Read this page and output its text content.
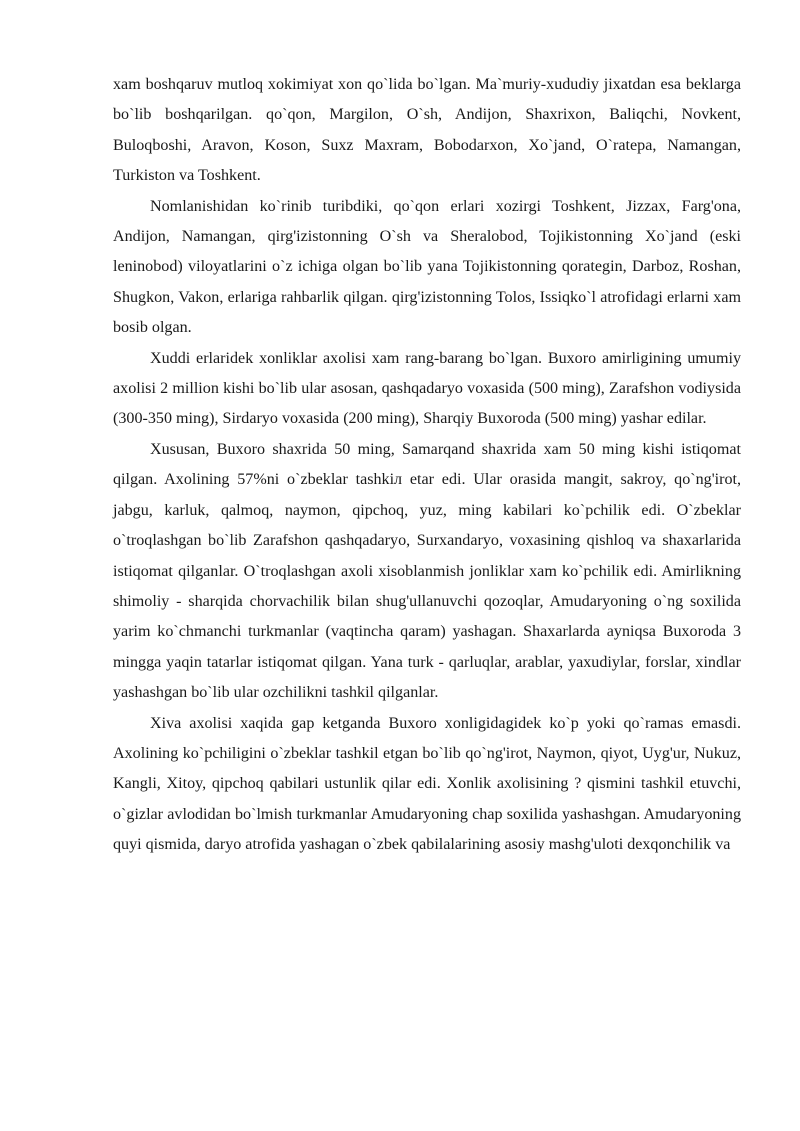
xam boshqaruv mutloq xokimiyat xon qo`lida bo`lgan. Ma`muriy-xududiy jixatdan esa beklarga bo`lib boshqarilgan. qo`qon, Margilon, O`sh, Andijon, Shaxrixon, Baliqchi, Novkent, Buloqboshi, Aravon, Koson, Suxz Maxram, Bobodarxon, Xo`jand, O`ratepa, Namangan, Turkiston va Toshkent.

Nomlanishidan ko`rinib turibdiki, qo`qon erlari xozirgi Toshkent, Jizzax, Farg'ona, Andijon, Namangan, qirg'izistonning O`sh va Sheralobod, Tojikistonning Xo`jand (eski leninobod) viloyatlarini o`z ichiga olgan bo`lib yana Tojikistonning qorategin, Darboz, Roshan, Shugkon, Vakon, erlariga rahbarlik qilgan. qirg'izistonning Tolos, Issiqko`l atrofidagi erlarni xam bosib olgan.

Xuddi erlaridek xonliklar axolisi xam rang-barang bo`lgan. Buxoro amirligining umumiy axolisi 2 million kishi bo`lib ular asosan, qashqadaryo voxasida (500 ming), Zarafshon vodiysida (300-350 ming), Sirdaryo voxasida (200 ming), Sharqiy Buxoroda (500 ming) yashar edilar.

Xususan, Buxoro shaxrida 50 ming, Samarqand shaxrida xam 50 ming kishi istiqomat qilgan. Axolining 57%ni o`zbeklar tashkiл etar edi. Ular orasida mangit, sakroy, qo`ng'irot, jabgu, karluk, qalmoq, naymon, qipchoq, yuz, ming kabilari ko`pchilik edi. O`zbeklar o`troqlashgan bo`lib Zarafshon qashqadaryo, Surxandaryo, voxasining qishloq va shaxarlarida istiqomat qilganlar. O`troqlashgan axoli xisoblanmish jonliklar xam ko`pchilik edi. Amirlikning shimoliy - sharqida chorvachilik bilan shug'ullanuvchi qozoqlar, Amudaryoning o`ng soxilida yarim ko`chmanchi turkmanlar (vaqtincha qaram) yashagan. Shaxarlarda ayniqsa Buxoroda 3 mingga yaqin tatarlar istiqomat qilgan. Yana turk - qarluqlar, arablar, yaxudiylar, forslar, xindlar yashashgan bo`lib ular ozchilikni tashkil qilganlar.

Xiva axolisi xaqida gap ketganda Buxoro xonligidagidek ko`p yoki qo`ramas emasdi. Axolining ko`pchiligini o`zbeklar tashkil etgan bo`lib qo`ng'irot, Naymon, qiyot, Uyg'ur, Nukuz, Kangli, Xitoy, qipchoq qabilari ustunlik qilar edi. Xonlik axolisining ? qismini tashkil etuvchi, o`gizlar avlodidan bo`lmish turkmanlar Amudaryoning chap soxilida yashashgan. Amudaryoning quyi qismida, daryo atrofida yashagan o`zbek qabilalarining asosiy mashg'uloti dexqonchilik va
